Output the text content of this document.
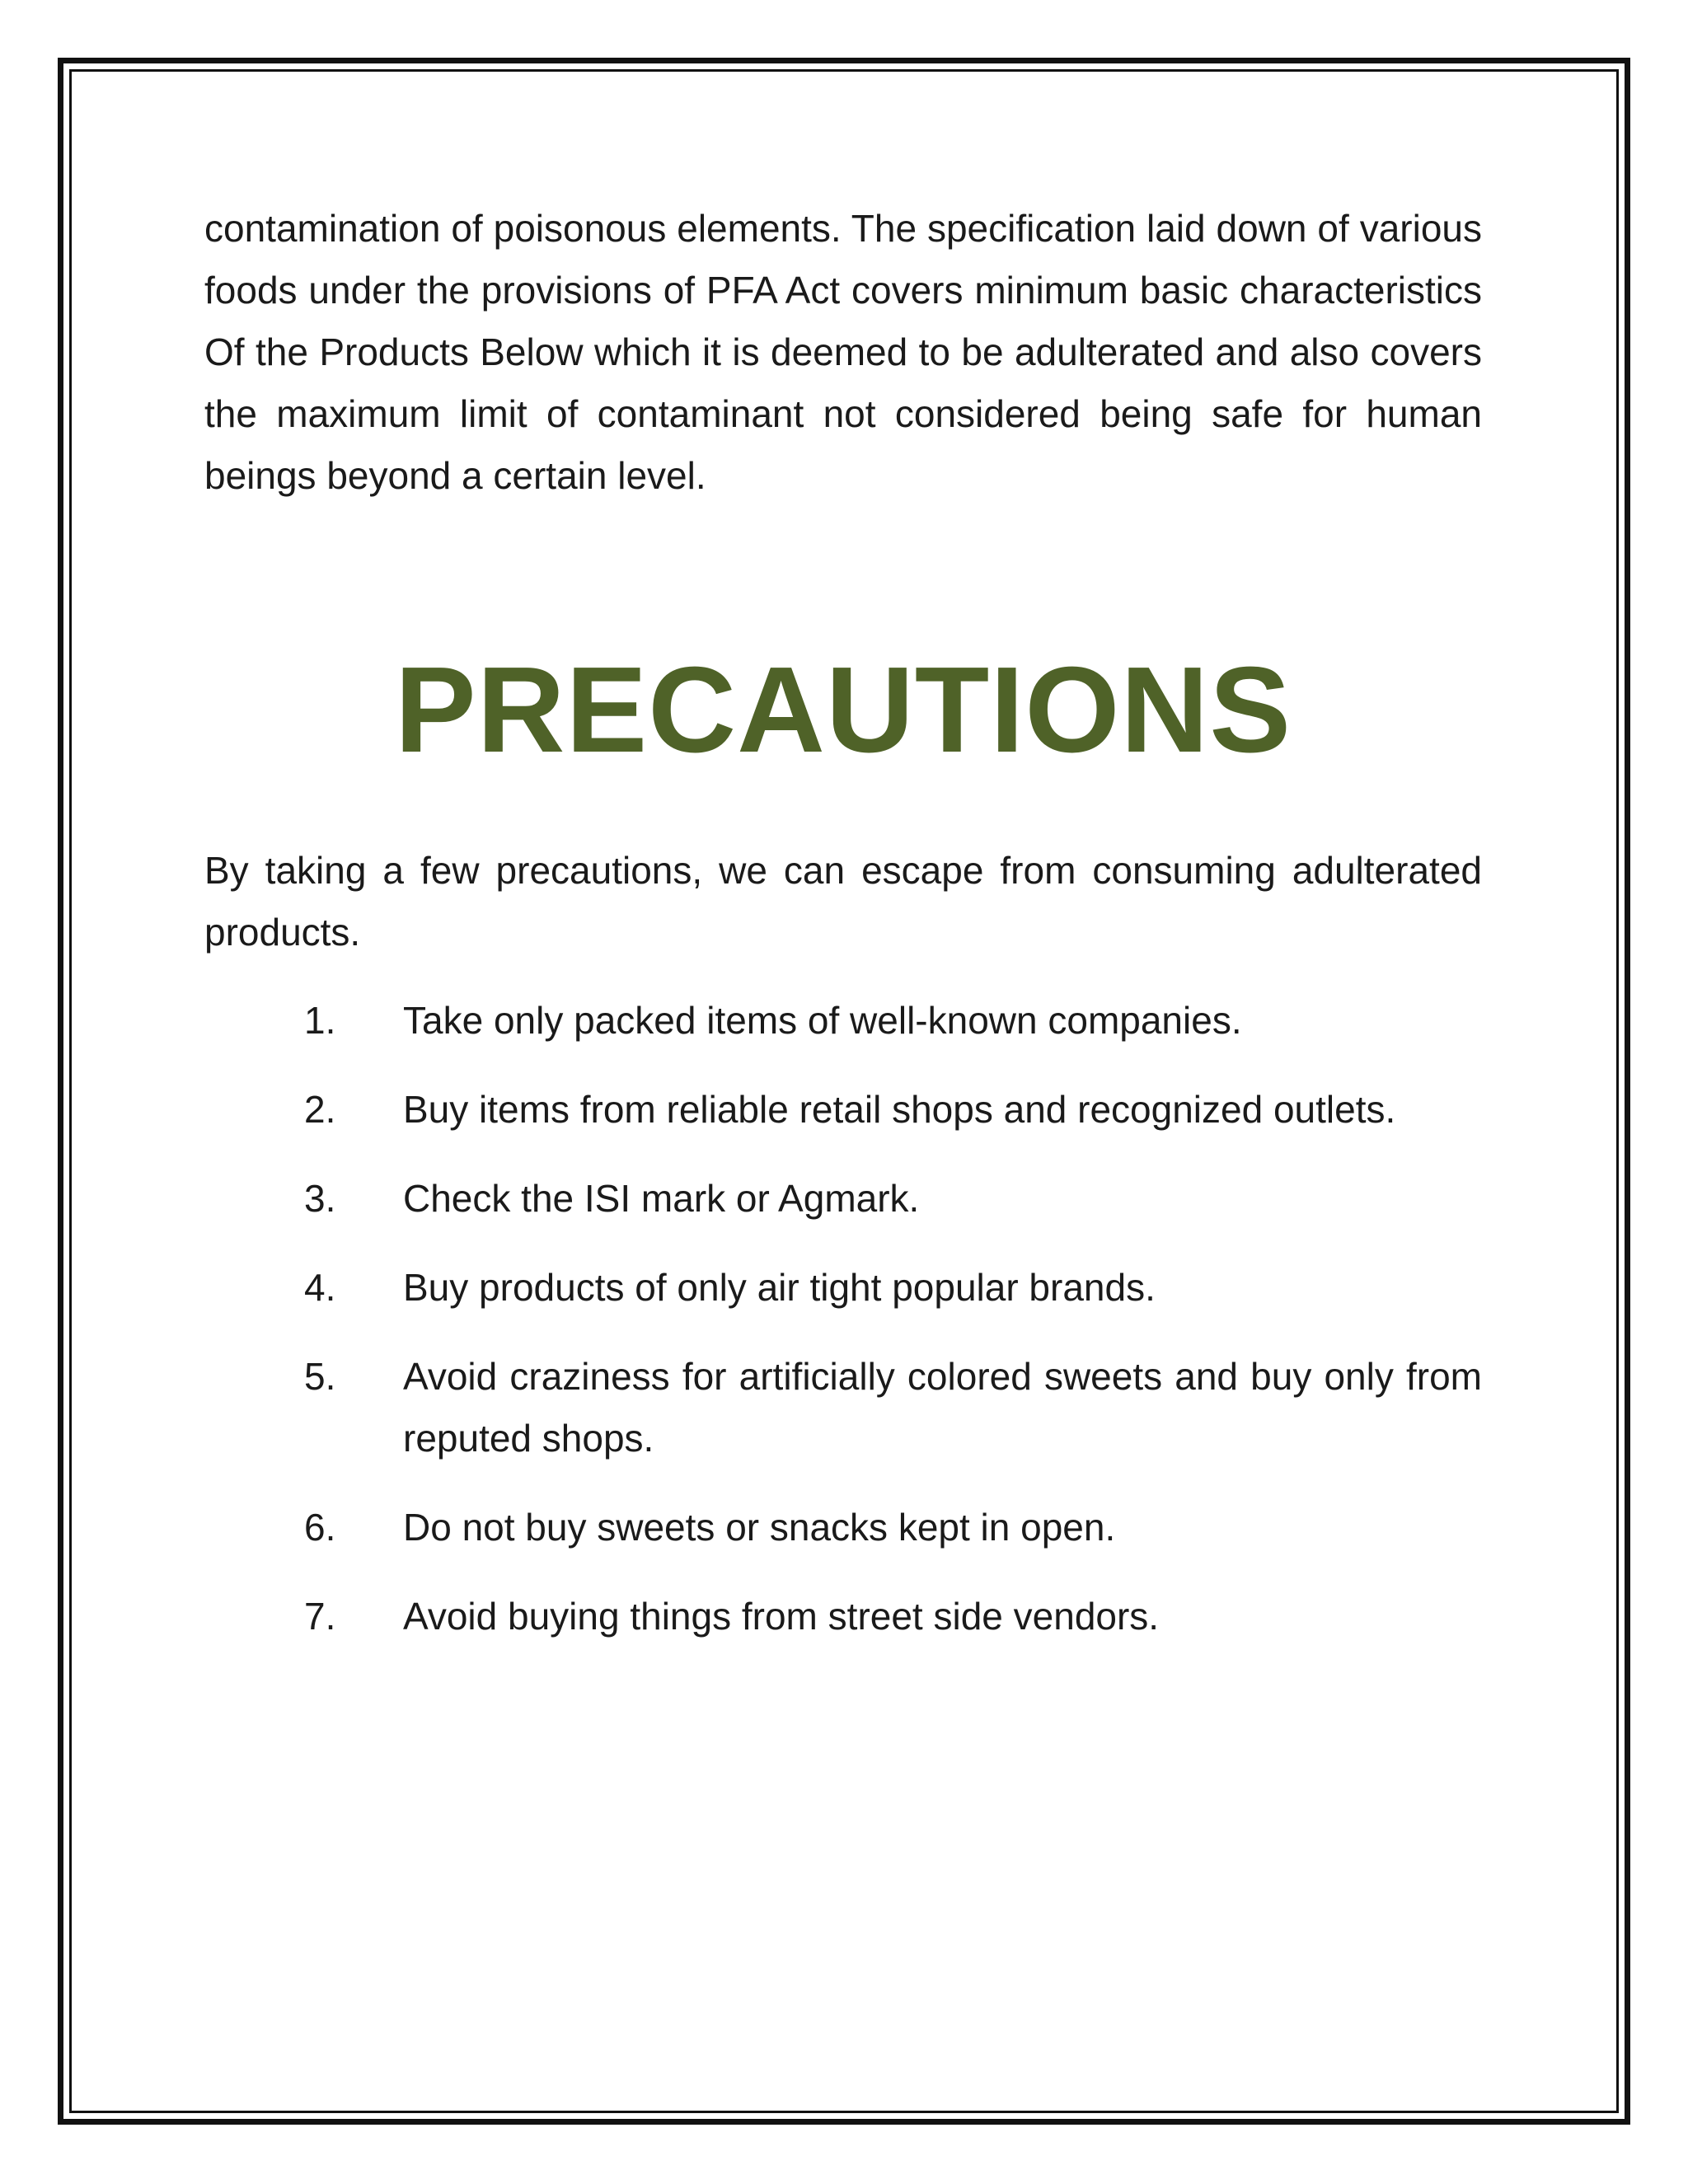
contamination of poisonous elements. The specification laid down of various foods under the provisions of PFA Act covers minimum basic characteristics Of the Products Below which it is deemed to be adulterated and also covers the maximum limit of contaminant not considered being safe for human beings beyond a certain level.

PRECAUTIONS

By taking a few precautions, we can escape from consuming adulterated products.

1. Take only packed items of well-known companies.
2. Buy items from reliable retail shops and recognized outlets.
3. Check the ISI mark or Agmark.
4. Buy products of only air tight popular brands.
5. Avoid craziness for artificially colored sweets and buy only from reputed shops.
6. Do not buy sweets or snacks kept in open.
7. Avoid buying things from street side vendors.
